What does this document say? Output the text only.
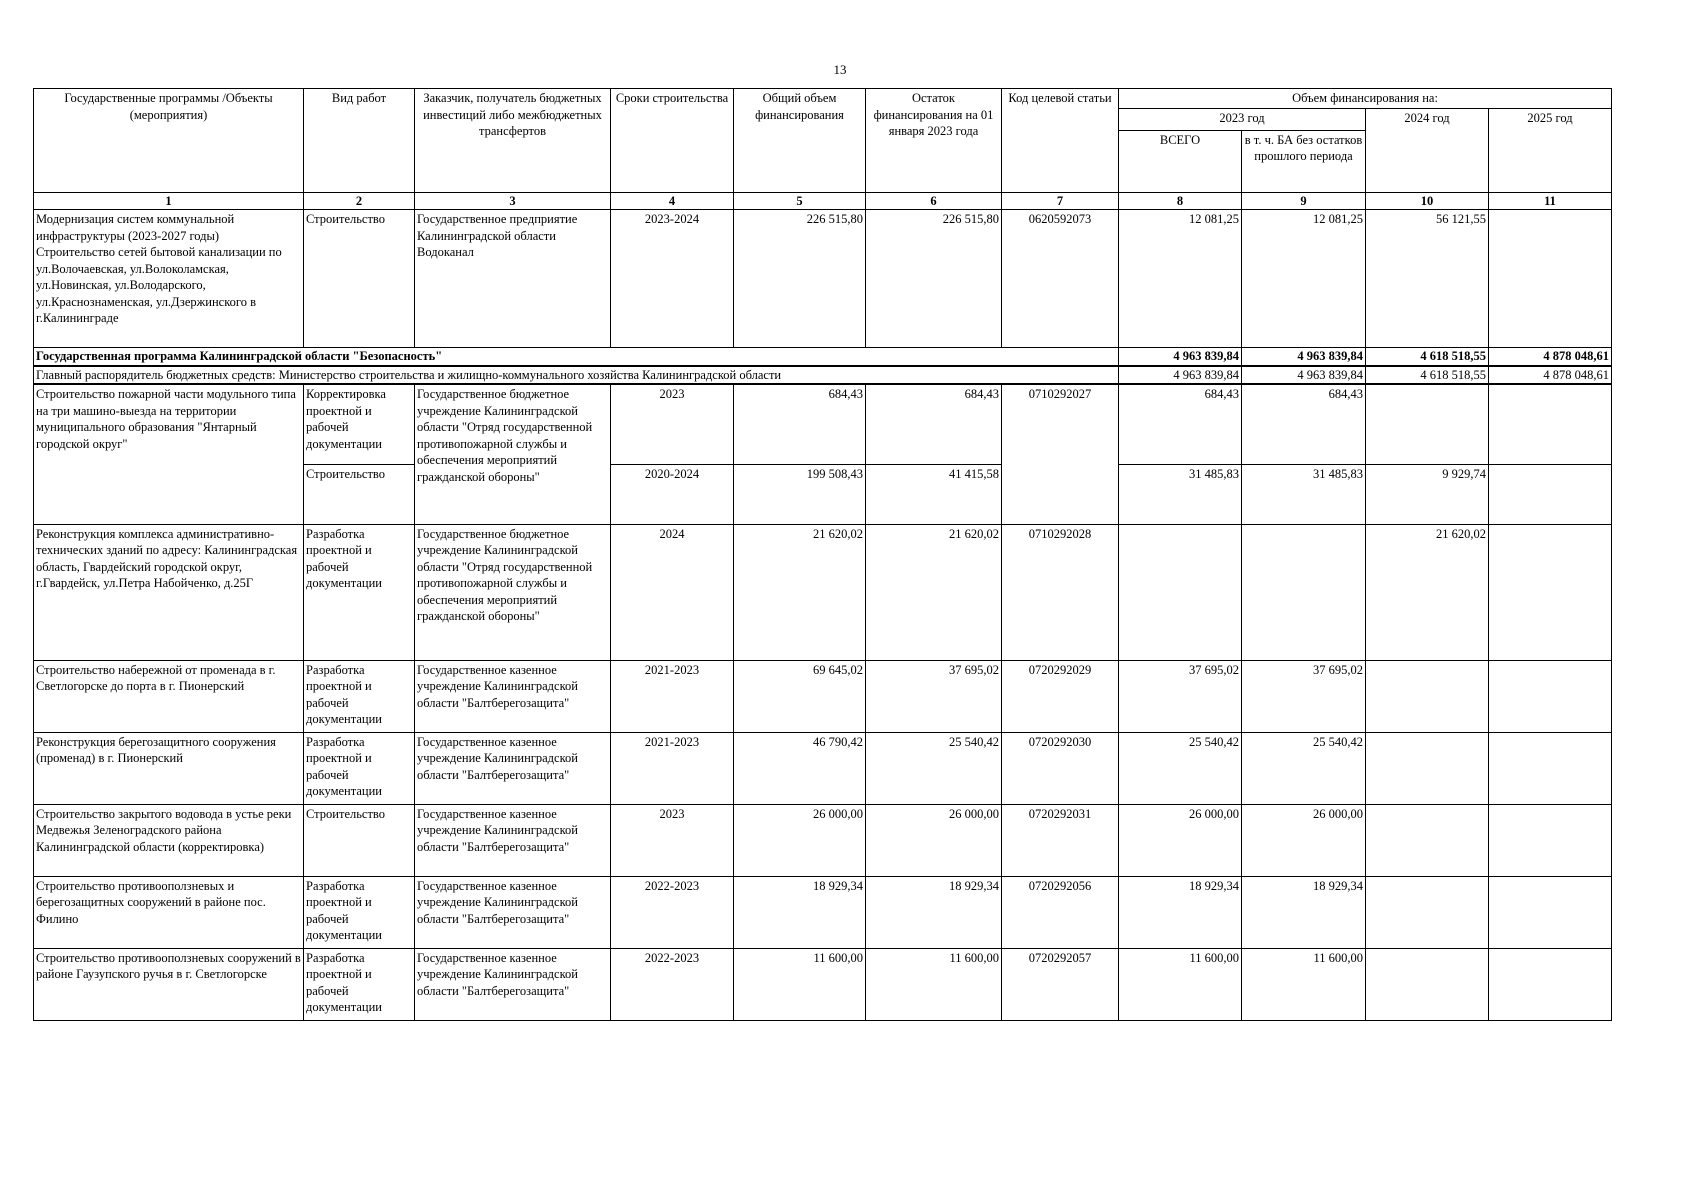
13
Государственные программы /Объекты (мероприятия)	Вид работ	Заказчик, получатель бюджетных инвестиций либо межбюджетных трансфертов	Сроки строительства	Общий объем финансирования	Остаток финансирования на 01 января 2023 года	Код целевой статьи	Объем финансирования на:			
							2023 год		2024 год	2025 год
							ВСЕГО	в т. ч. БА без остатков прошлого периода		
1	2	3	4	5	6	7	8	9	10	11
Модернизация систем коммунальной инфраструктуры (2023-2027 годы) Строительство сетей бытовой канализации по ул.Волочаевская, ул.Волоколамская, ул.Новинская, ул.Володарского, ул.Краснознаменская, ул.Дзержинского в г.Калининграде	Строительство	Государственное предприятие Калининградской области Водоканал	2023-2024	226 515,80	226 515,80	0620592073	12 081,25	12 081,25	56 121,55	
Государственная программа Калининградской области "Безопасность"							4 963 839,84	4 963 839,84	4 618 518,55	4 878 048,61
Главный распорядитель бюджетных средств: Министерство строительства и жилищно-коммунального хозяйства Калининградской области							4 963 839,84	4 963 839,84	4 618 518,55	4 878 048,61
Строительство пожарной части модульного типа на три машино-выезда на территории муниципального образования "Янтарный городской округ"	Корректировка проектной и рабочей документации	Государственное бюджетное учреждение Калининградской области "Отряд государственной противопожарной службы и обеспечения мероприятий гражданской обороны"	2023	684,43	684,43	0710292027	684,43	684,43		
	Строительство		2020-2024	199 508,43	41 415,58		31 485,83	31 485,83	9 929,74	
Реконструкция комплекса административно-технических зданий по адресу: Калининградская область, Гвардейский городской округ, г.Гвардейск, ул.Петра Набойченко, д.25Г	Разработка проектной и рабочей документации	Государственное бюджетное учреждение Калининградской области "Отряд государственной противопожарной службы и обеспечения мероприятий гражданской обороны"	2024	21 620,02	21 620,02	0710292028			21 620,02	
Строительство набережной от променада в г. Светлогорске до порта в г. Пионерский	Разработка проектной и рабочей документации	Государственное казенное учреждение Калининградской области "Балтберегозащита"	2021-2023	69 645,02	37 695,02	0720292029	37 695,02	37 695,02		
Реконструкция берегозащитного сооружения (променад) в г. Пионерский	Разработка проектной и рабочей документации	Государственное казенное учреждение Калининградской области "Балтберегозащита"	2021-2023	46 790,42	25 540,42	0720292030	25 540,42	25 540,42		
Строительство закрытого водовода в устье реки Медвежья Зеленоградского района Калининградской области (корректировка)	Строительство	Государственное казенное учреждение Калининградской области "Балтберегозащита"	2023	26 000,00	26 000,00	0720292031	26 000,00	26 000,00		
Строительство противооползневых и берегозащитных сооружений в районе пос. Филино	Разработка проектной и рабочей документации	Государственное казенное учреждение Калининградской области "Балтберегозащита"	2022-2023	18 929,34	18 929,34	0720292056	18 929,34	18 929,34		
Строительство противооползневых сооружений в районе Гаузупского ручья в г. Светлогорске	Разработка проектной и рабочей документации	Государственное казенное учреждение Калининградской области "Балтберегозащита"	2022-2023	11 600,00	11 600,00	0720292057	11 600,00	11 600,00		
